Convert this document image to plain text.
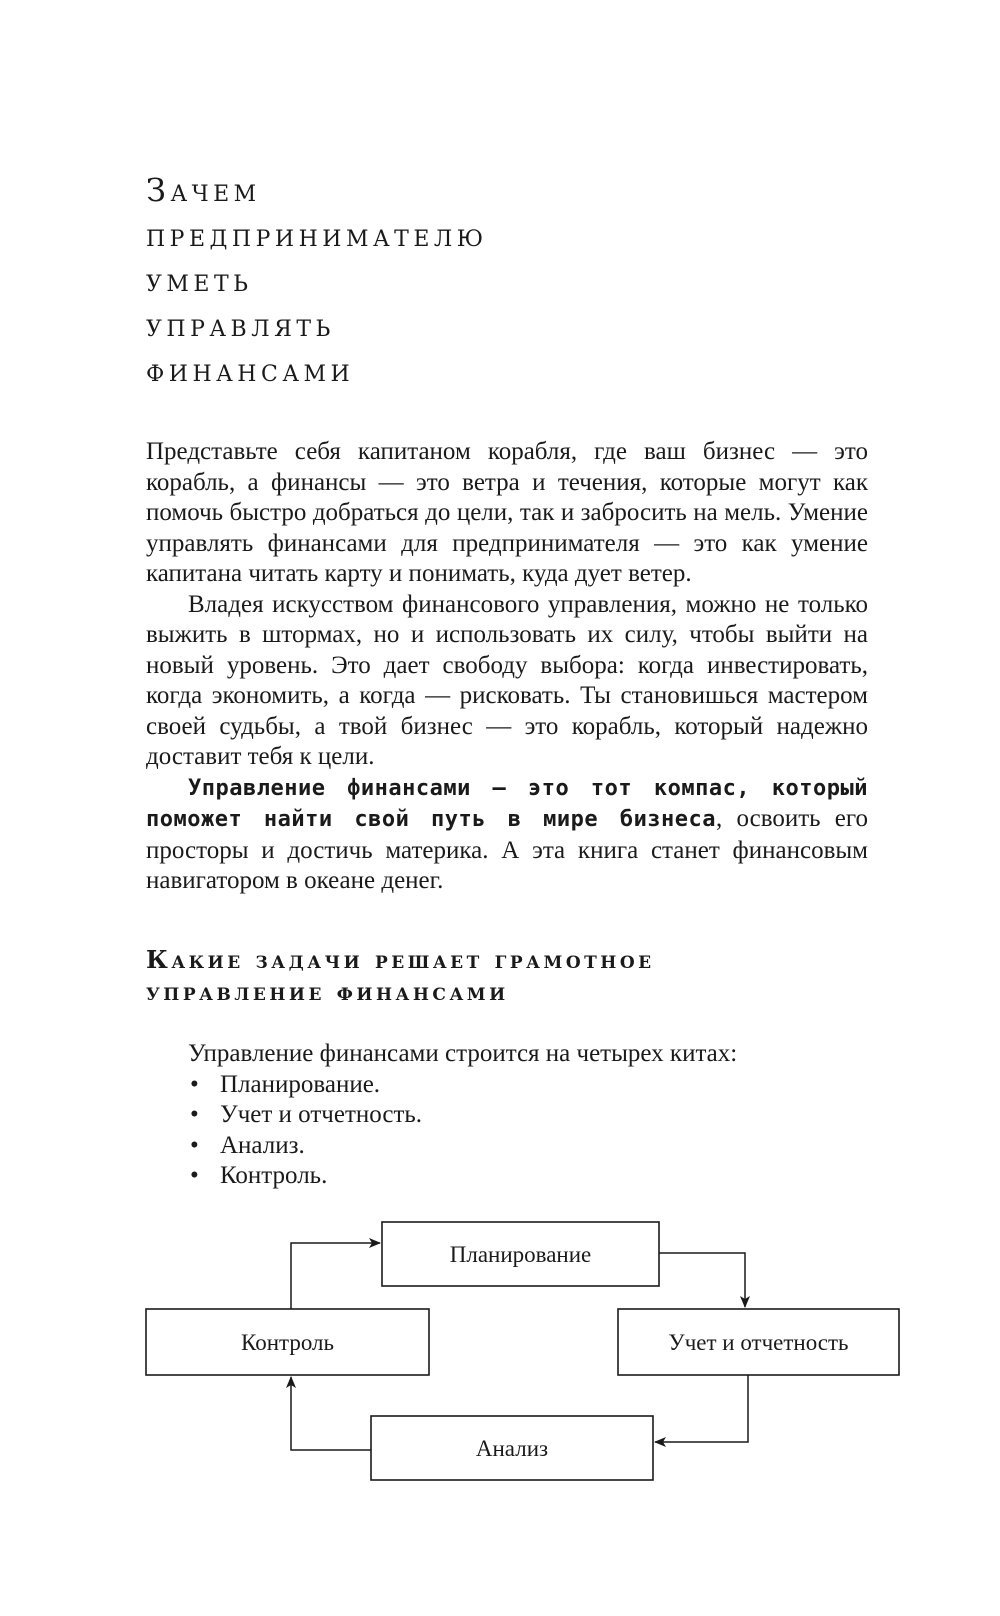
Зачем
предпринимателю
уметь
управлять
финансами

Представьте себя капитаном корабля, где ваш бизнес — это корабль, а финансы — это ветра и течения, которые могут как помочь быстро добраться до цели, так и забросить на мель. Умение управлять финансами для предпринимателя — это как умение капитана читать карту и понимать, куда дует ветер.

Владея искусством финансового управления, можно не только выжить в штормах, но и использовать их силу, чтобы выйти на новый уровень. Это дает свободу выбора: когда инвестировать, когда экономить, а когда — рисковать. Ты становишься мастером своей судьбы, а твой бизнес — это корабль, который надежно доставит тебя к цели.

Управление финансами — это тот компас, который поможет найти свой путь в мире бизнеса, освоить его просторы и достичь материка. А эта книга станет финансовым навигатором в океане денег.

Какие задачи решает грамотное
управление финансами

Управление финансами строится на четырех китах:

• Планирование.
• Учет и отчетность.
• Анализ.
• Контроль.
Планирование
Учет и отчетность
Анализ
Контроль
